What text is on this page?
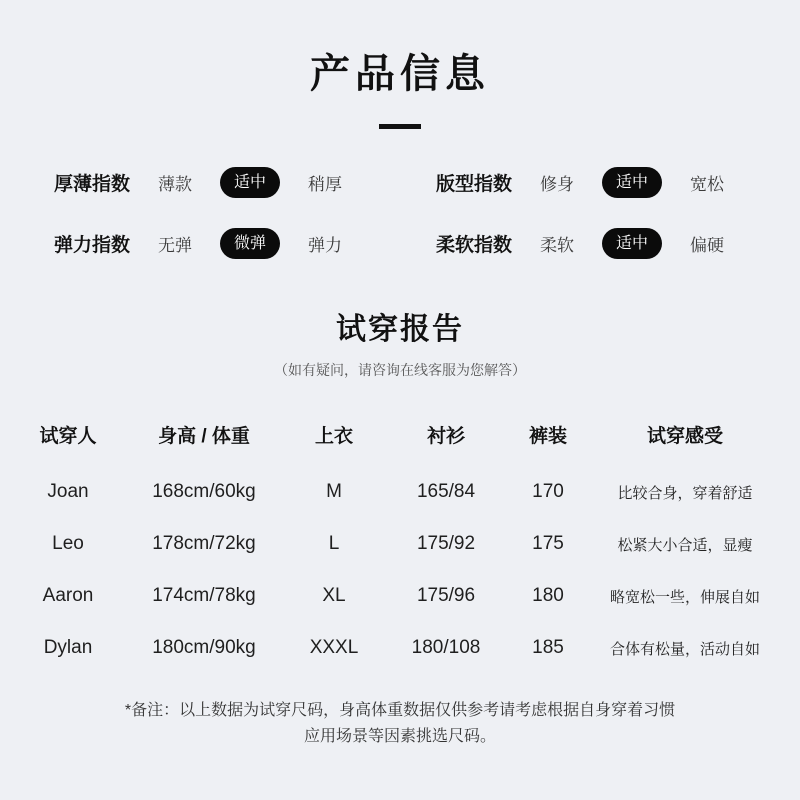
产品信息
厚薄指数 薄款	适中	稍厚	版型指数 修身	适中	宽松
弹力指数 无弹	微弹	弹力	柔软指数 柔软	适中	偏硬
试穿报告
（如有疑问，请咨询在线客服为您解答）
试穿人	身高 / 体重	上衣	衬衫	裤装	试穿感受
Joan	168cm/60kg	M	165/84	170	比较合身，穿着舒适
Leo	178cm/72kg	L	175/92	175	松紧大小合适，显瘦
Aaron	174cm/78kg	XL	175/96	180	略宽松一些，伸展自如
Dylan	180cm/90kg	XXXL	180/108	185	合体有松量，活动自如
*备注：以上数据为试穿尺码，身高体重数据仅供参考请考虑根据自身穿着习惯
应用场景等因素挑选尺码。
